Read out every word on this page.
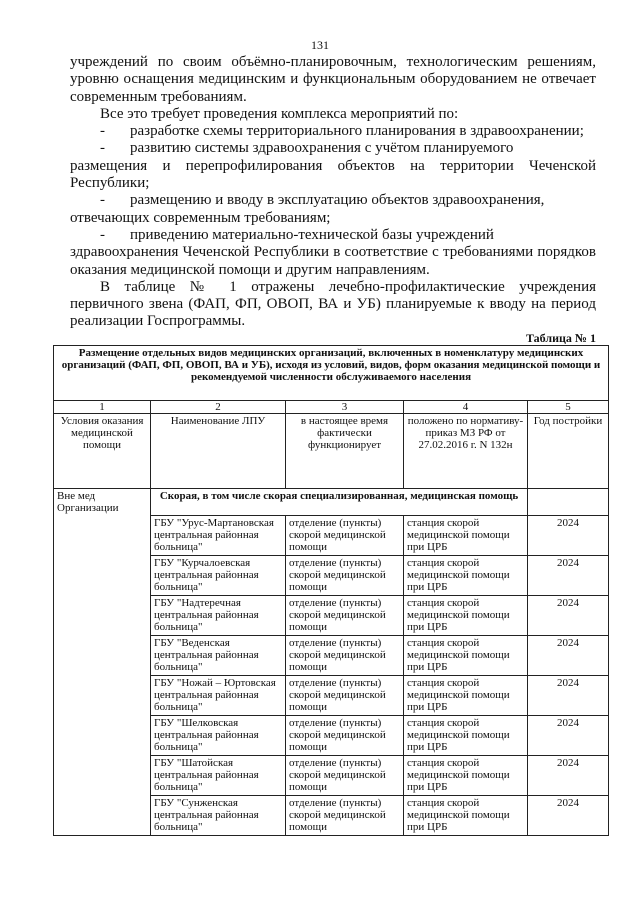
131

учреждений по своим объёмно-планировочным, технологическим решениям, уровню оснащения медицинским и функциональным оборудованием не отвечает современным требованиям.

Все это требует проведения комплекса мероприятий по:

-	разработке схемы территориального планирования в здравоохранении;
-	развитию системы здравоохранения с учётом планируемого
размещения и перепрофилирования объектов на территории Чеченской Республики;
-	размещению и вводу в эксплуатацию объектов здравоохранения,
отвечающих современным требованиям;
-	приведению материально-технической базы учреждений
здравоохранения Чеченской Республики в соответствие с требованиями порядков оказания медицинской помощи и другим направлениям.

В таблице № 1 отражены лечебно-профилактические учреждения первичного звена (ФАП, ФП, ОВОП, ВА и УБ) планируемые к вводу на период реализации Госпрограммы.

Таблица № 1
Размещение отдельных видов медицинских организаций, включенных в номенклатуру медицинских организаций (ФАП, ФП, ОВОП, ВА и УБ), исходя из условий, видов, форм оказания медицинской помощи и рекомендуемой численности обслуживаемого населения				
1	2	3	4	5
Условия оказания медицинской помощи	Наименование ЛПУ	в настоящее время фактически функционирует	положено по нормативу- приказ МЗ РФ от 27.02.2016 г. N 132н	Год постройки
Вне мед Организации	Скорая, в том числе скорая специализированная, медицинская помощь			
	ГБУ "Урус-Мартановская центральная районная больница"	отделение (пункты) скорой медицинской помощи	станция скорой медицинской помощи при ЦРБ	2024
	ГБУ "Курчалоевская центральная районная больница"	отделение (пункты) скорой медицинской помощи	станция скорой медицинской помощи при ЦРБ	2024
	ГБУ "Надтеречная центральная районная больница"	отделение (пункты) скорой медицинской помощи	станция скорой медицинской помощи при ЦРБ	2024
	ГБУ "Веденская центральная районная больница"	отделение (пункты) скорой медицинской помощи	станция скорой медицинской помощи при ЦРБ	2024
	ГБУ "Ножай – Юртовская центральная районная больница"	отделение (пункты) скорой медицинской помощи	станция скорой медицинской помощи при ЦРБ	2024
	ГБУ "Шелковская центральная районная больница"	отделение (пункты) скорой медицинской помощи	станция скорой медицинской помощи при ЦРБ	2024
	ГБУ "Шатойская центральная районная больница"	отделение (пункты) скорой медицинской помощи	станция скорой медицинской помощи при ЦРБ	2024
	ГБУ "Сунженская центральная районная больница"	отделение (пункты) скорой медицинской помощи	станция скорой медицинской помощи при ЦРБ	2024
